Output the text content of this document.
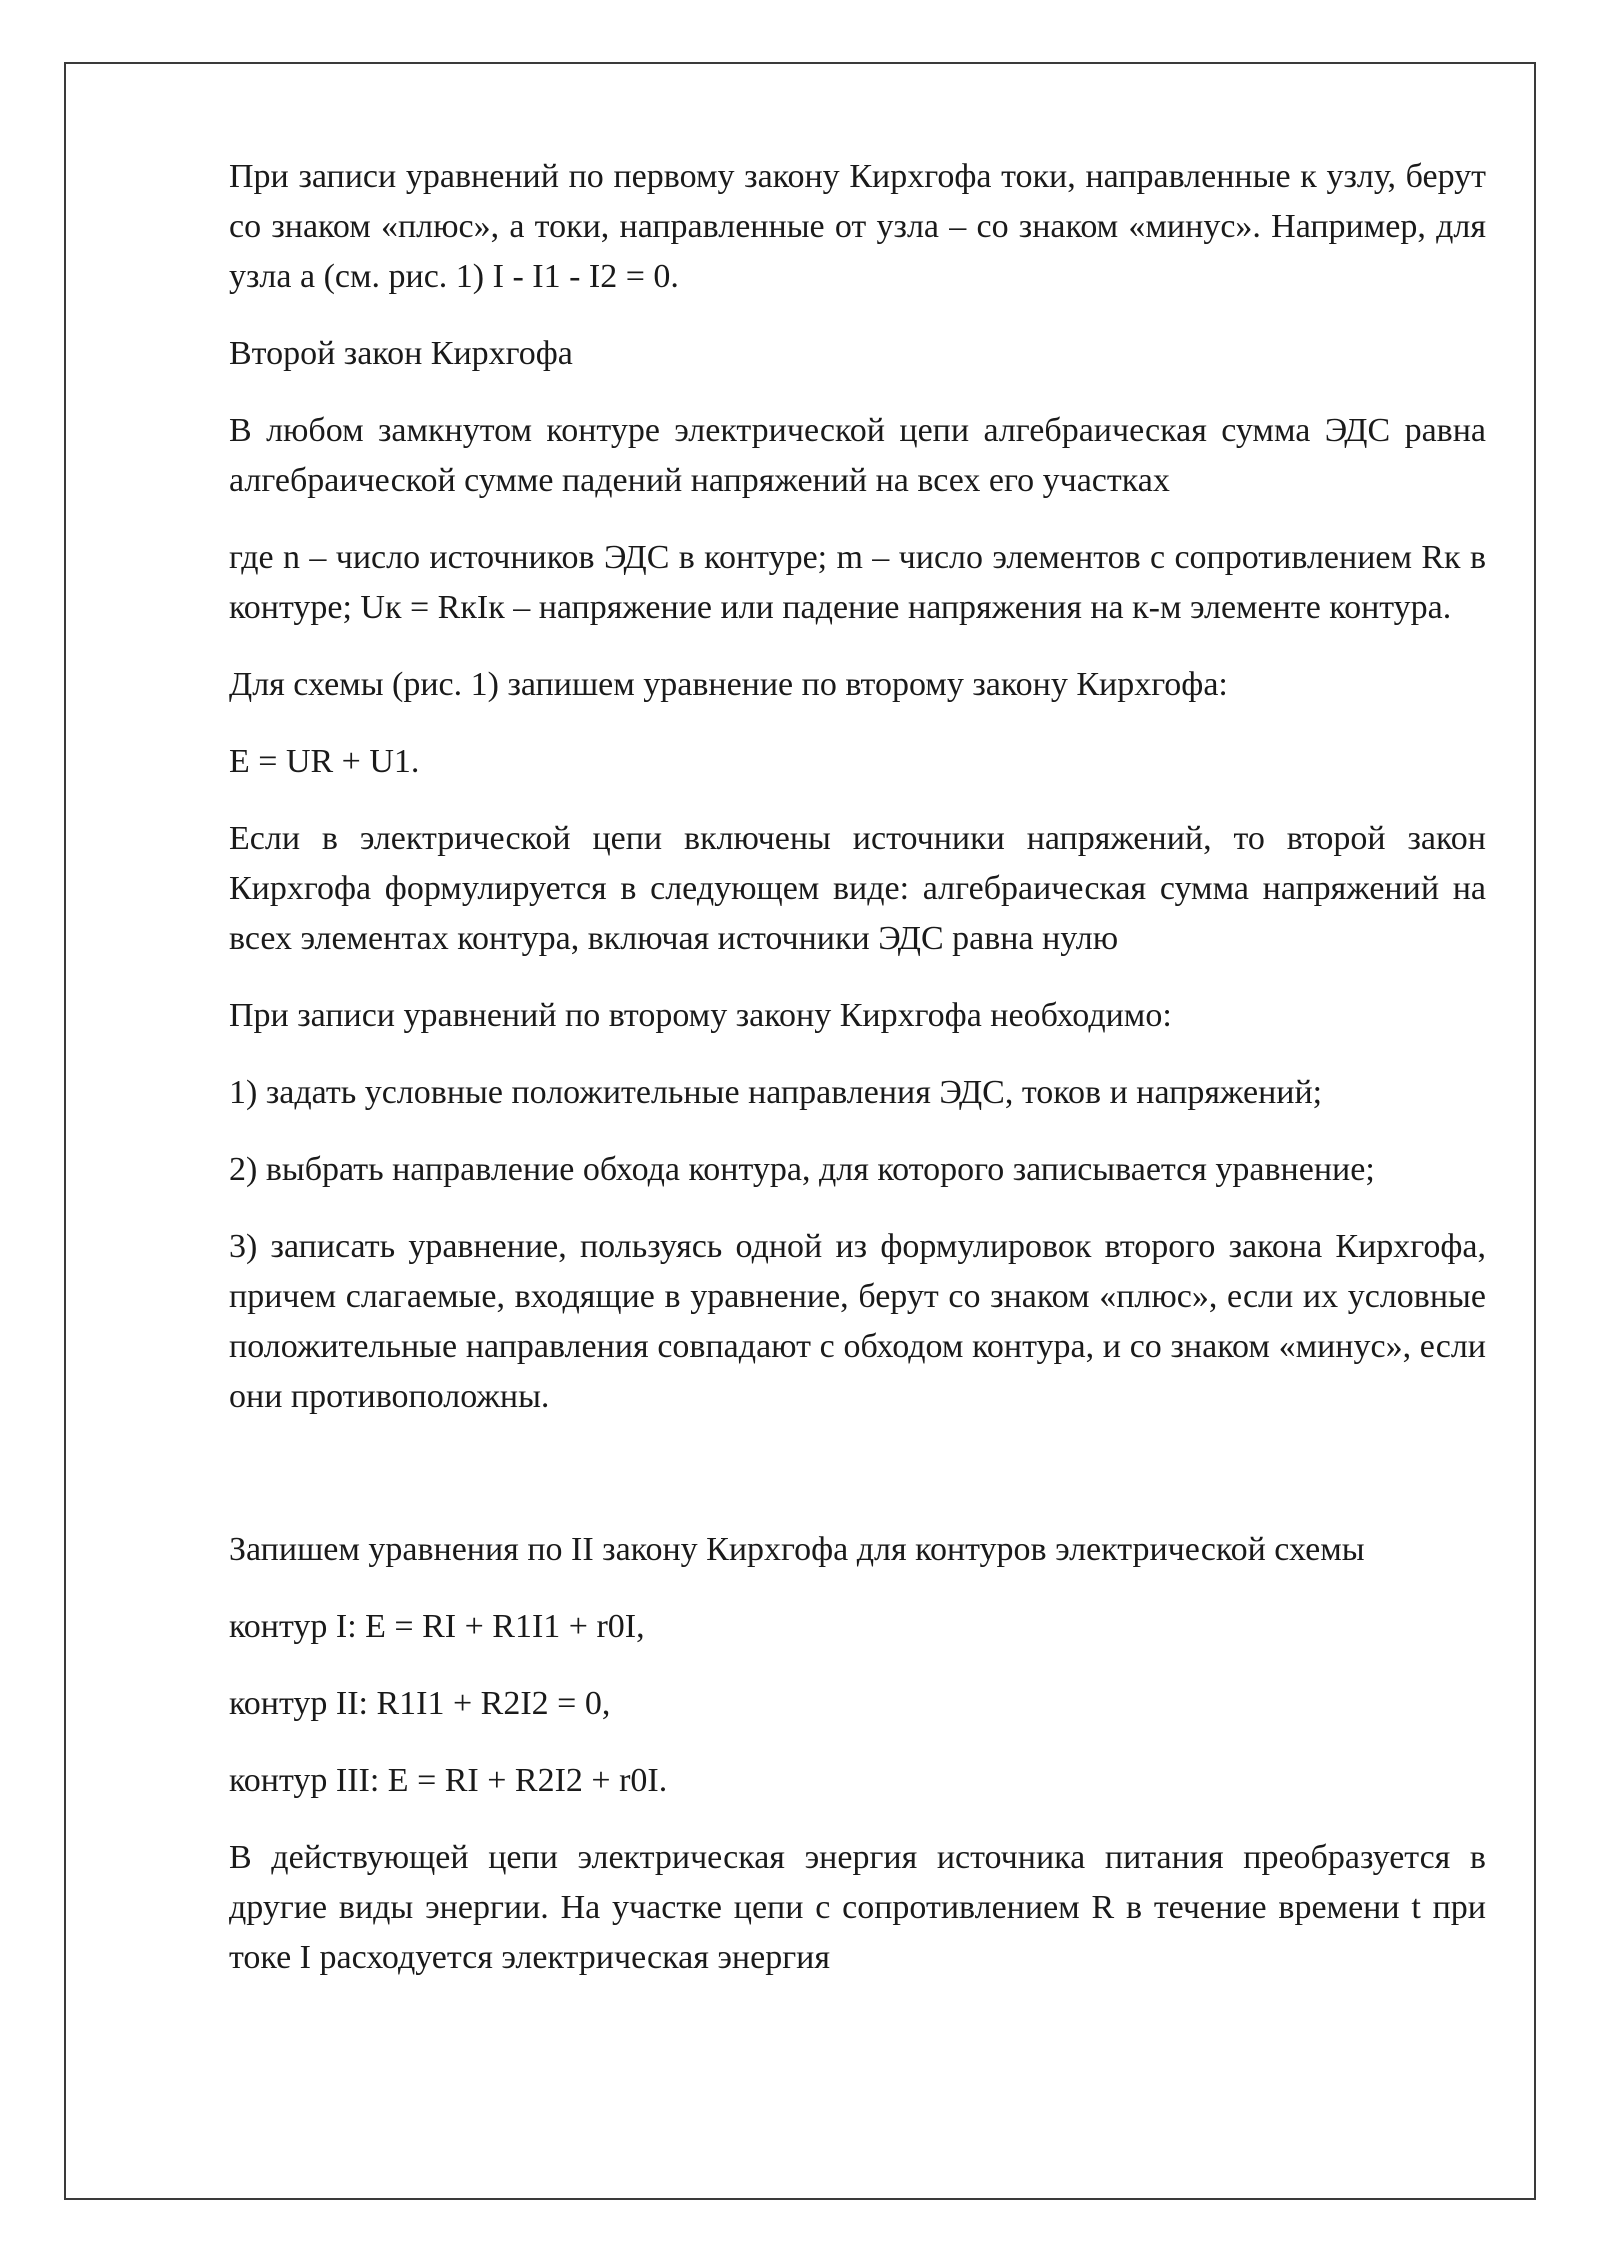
При записи уравнений по первому закону Кирхгофа токи, направленные к узлу, берут со знаком «плюс», а токи, направленные от узла – со знаком «минус». Например, для узла a (см. рис. 1) I - I1 - I2 = 0.

Второй закон Кирхгофа

В любом замкнутом контуре электрической цепи алгебраическая сумма ЭДС равна алгебраической сумме падений напряжений на всех его участках

где n – число источников ЭДС в контуре; m – число элементов с сопротивлением Rк в контуре; Uк = RкIк – напряжение или падение напряжения на к-м элементе контура.

Для схемы (рис. 1) запишем уравнение по второму закону Кирхгофа:

E = UR + U1.

Если в электрической цепи включены источники напряжений, то второй закон Кирхгофа формулируется в следующем виде: алгебраическая сумма напряжений на всех элементах контура, включая источники ЭДС равна нулю

При записи уравнений по второму закону Кирхгофа необходимо:

1) задать условные положительные направления ЭДС, токов и напряжений;

2) выбрать направление обхода контура, для которого записывается уравнение;

3) записать уравнение, пользуясь одной из формулировок второго закона Кирхгофа, причем слагаемые, входящие в уравнение, берут со знаком «плюс», если их условные положительные направления совпадают с обходом контура, и со знаком «минус», если они противоположны.

Запишем уравнения по II закону Кирхгофа для контуров электрической схемы

контур I: E = RI + R1I1 + r0I,

контур II: R1I1 + R2I2 = 0,

контур III: E = RI + R2I2 + r0I.

В действующей цепи электрическая энергия источника питания преобразуется в другие виды энергии. На участке цепи с сопротивлением R в течение времени t при токе I расходуется электрическая энергия
